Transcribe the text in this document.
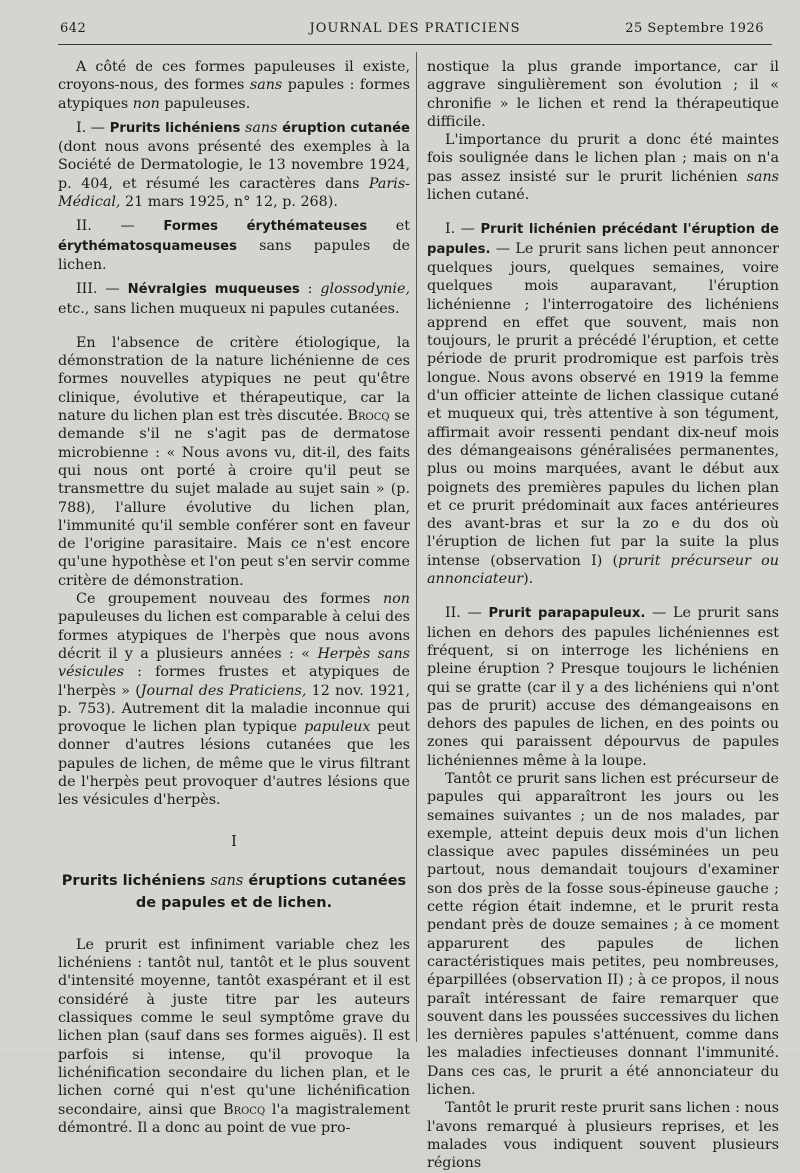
642	JOURNAL DES PRATICIENS	25 Septembre 1926

A côté de ces formes papuleuses il existe, croyons-nous, des formes sans papules : formes atypiques non papuleuses.

I. — Prurits lichéniens sans éruption cutanée (dont nous avons présenté des exemples à la Société de Dermatologie, le 13 novembre 1924, p. 404, et résumé les caractères dans Paris-Médical, 21 mars 1925, n° 12, p. 268).

II. — Formes érythémateuses et érythématosquameuses sans papules de lichen.

III. — Névralgies muqueuses : glossodynie, etc., sans lichen muqueux ni papules cutanées.

En l'absence de critère étiologique, la démonstration de la nature lichénienne de ces formes nouvelles atypiques ne peut qu'être clinique, évolutive et thérapeutique, car la nature du lichen plan est très discutée. Brocq se demande s'il ne s'agit pas de dermatose microbienne : « Nous avons vu, dit-il, des faits qui nous ont porté à croire qu'il peut se transmettre du sujet malade au sujet sain » (p. 788), l'allure évolutive du lichen plan, l'immunité qu'il semble conférer sont en faveur de l'origine parasitaire. Mais ce n'est encore qu'une hypothèse et l'on peut s'en servir comme critère de démonstration.

Ce groupement nouveau des formes non papuleuses du lichen est comparable à celui des formes atypiques de l'herpès que nous avons décrit il y a plusieurs années : « Herpès sans vésicules : formes frustes et atypiques de l'herpès » (Journal des Praticiens, 12 nov. 1921, p. 753). Autrement dit la maladie inconnue qui provoque le lichen plan typique papuleux peut donner d'autres lésions cutanées que les papules de lichen, de même que le virus filtrant de l'herpès peut provoquer d'autres lésions que les vésicules d'herpès.

I

Prurits lichéniens sans éruptions cutanées
de papules et de lichen.

Le prurit est infiniment variable chez les lichéniens : tantôt nul, tantôt et le plus souvent d'intensité moyenne, tantôt exaspérant et il est considéré à juste titre par les auteurs classiques comme le seul symptôme grave du lichen plan (sauf dans ses formes aiguës). Il est parfois si intense, qu'il provoque la lichénification secondaire du lichen plan, et le lichen corné qui n'est qu'une lichénification secondaire, ainsi que Brocq l'a magistralement démontré. Il a donc au point de vue pro-

nostique la plus grande importance, car il aggrave singulièrement son évolution ; il « chronifie » le lichen et rend la thérapeutique difficile.

L'importance du prurit a donc été maintes fois soulignée dans le lichen plan ; mais on n'a pas assez insisté sur le prurit lichénien sans lichen cutané.

I. — Prurit lichénien précédant l'éruption de papules. — Le prurit sans lichen peut annoncer quelques jours, quelques semaines, voire quelques mois auparavant, l'éruption lichénienne ; l'interrogatoire des lichéniens apprend en effet que souvent, mais non toujours, le prurit a précédé l'éruption, et cette période de prurit prodromique est parfois très longue. Nous avons observé en 1919 la femme d'un officier atteinte de lichen classique cutané et muqueux qui, très attentive à son tégument, affirmait avoir ressenti pendant dix-neuf mois des démangeaisons généralisées permanentes, plus ou moins marquées, avant le début aux poignets des premières papules du lichen plan et ce prurit prédominait aux faces antérieures des avant-bras et sur la zo e du dos où l'éruption de lichen fut par la suite la plus intense (observation I) (prurit précurseur ou annonciateur).

II. — Prurit parapapuleux. — Le prurit sans lichen en dehors des papules lichéniennes est fréquent, si on interroge les lichéniens en pleine éruption ? Presque toujours le lichénien qui se gratte (car il y a des lichéniens qui n'ont pas de prurit) accuse des démangeaisons en dehors des papules de lichen, en des points ou zones qui paraissent dépourvus de papules lichéniennes même à la loupe.

Tantôt ce prurit sans lichen est précurseur de papules qui apparaîtront les jours ou les semaines suivantes ; un de nos malades, par exemple, atteint depuis deux mois d'un lichen classique avec papules disséminées un peu partout, nous demandait toujours d'examiner son dos près de la fosse sous-épineuse gauche ; cette région était indemne, et le prurit resta pendant près de douze semaines ; à ce moment apparurent des papules de lichen caractéristiques mais petites, peu nombreuses, éparpillées (observation II) ; à ce propos, il nous paraît intéressant de faire remarquer que souvent dans les poussées successives du lichen les dernières papules s'atténuent, comme dans les maladies infectieuses donnant l'immunité. Dans ces cas, le prurit a été annonciateur du lichen.

Tantôt le prurit reste prurit sans lichen : nous l'avons remarqué à plusieurs reprises, et les malades vous indiquent souvent plusieurs régions
